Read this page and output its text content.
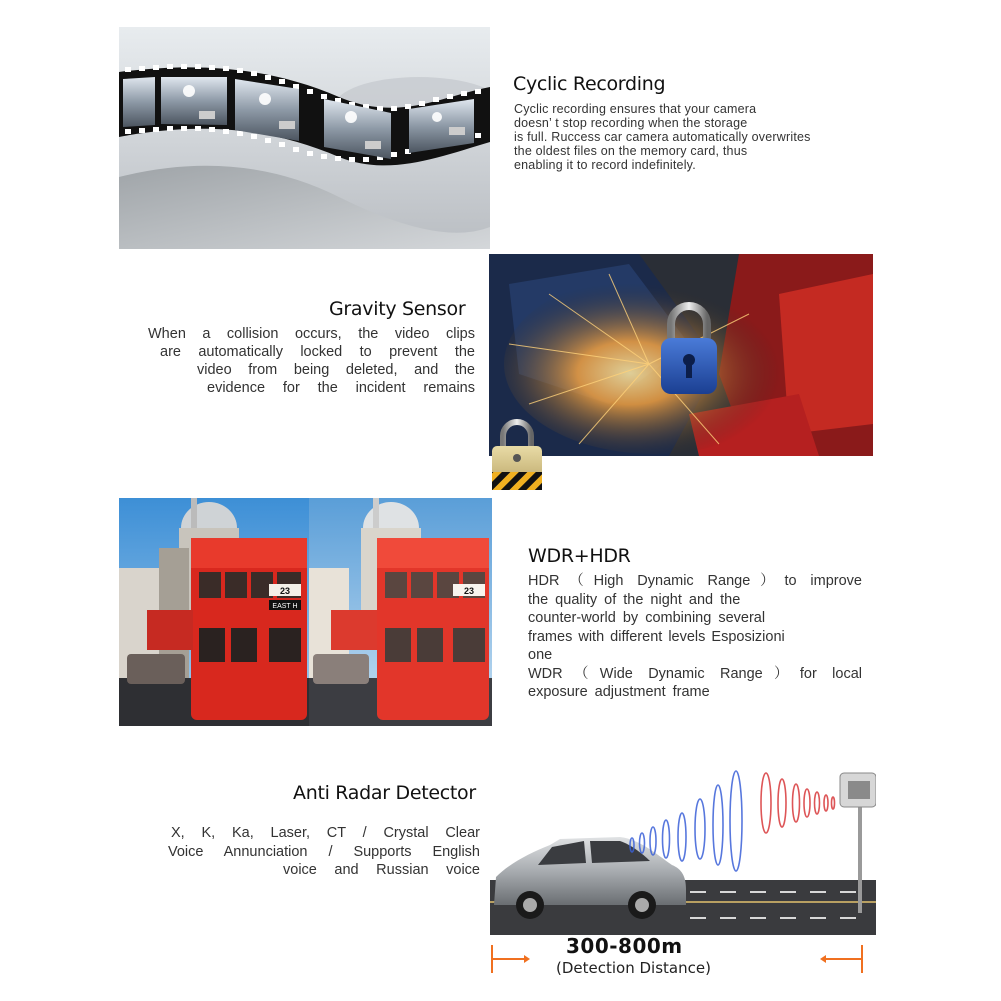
Cyclic Recording
Cyclic recording ensures that your camera
doesn’ t stop recording when the storage
is full. Ruccess car camera automatically overwrites
the oldest files on the memory card, thus
enabling it to record indefinitely.
Gravity Sensor
When a collision occurs, the video clips
are automatically locked to prevent the
video from being deleted, and the
evidence for the incident remains
23
EAST H
23
WDR+HDR
HDR（High Dynamic Range）to improve
the quality of the night and the
counter-world by combining several
frames with different levels Esposizioni
one
WDR（Wide Dynamic Range）for local
exposure adjustment frame
Anti Radar Detector
X, K, Ka, Laser, CT / Crystal Clear
Voice Annunciation / Supports English
voice and Russian voice
300-800m
(Detection Distance)
